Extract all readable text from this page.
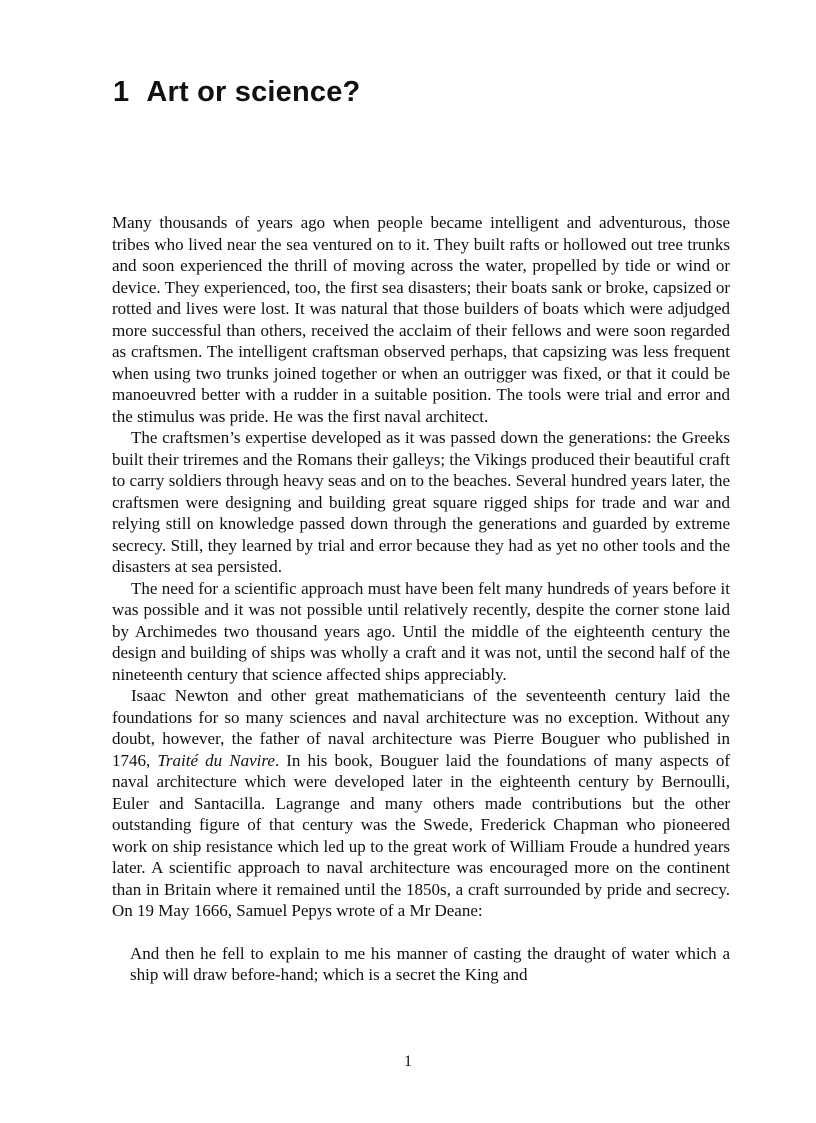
1 Art or science?

Many thousands of years ago when people became intelligent and adventurous, those tribes who lived near the sea ventured on to it. They built rafts or hollowed out tree trunks and soon experienced the thrill of moving across the water, propelled by tide or wind or device. They experienced, too, the first sea disasters; their boats sank or broke, capsized or rotted and lives were lost. It was natural that those builders of boats which were adjudged more successful than others, received the acclaim of their fellows and were soon regarded as craftsmen. The intelligent craftsman observed perhaps, that capsizing was less frequent when using two trunks joined together or when an outrigger was fixed, or that it could be manoeuvred better with a rudder in a suitable position. The tools were trial and error and the stimulus was pride. He was the first naval architect.

The craftsmen’s expertise developed as it was passed down the generations: the Greeks built their triremes and the Romans their galleys; the Vikings produced their beautiful craft to carry soldiers through heavy seas and on to the beaches. Several hundred years later, the craftsmen were designing and building great square rigged ships for trade and war and relying still on knowledge passed down through the generations and guarded by extreme secrecy. Still, they learned by trial and error because they had as yet no other tools and the disasters at sea persisted.

The need for a scientific approach must have been felt many hundreds of years before it was possible and it was not possible until relatively recently, despite the corner stone laid by Archimedes two thousand years ago. Until the middle of the eighteenth century the design and building of ships was wholly a craft and it was not, until the second half of the nineteenth century that science affected ships appreciably.

Isaac Newton and other great mathematicians of the seventeenth century laid the foundations for so many sciences and naval architecture was no exception. Without any doubt, however, the father of naval architecture was Pierre Bouguer who published in 1746, Traité du Navire. In his book, Bouguer laid the foundations of many aspects of naval architecture which were developed later in the eighteenth century by Bernoulli, Euler and Santacilla. Lagrange and many others made contributions but the other outstanding figure of that century was the Swede, Frederick Chapman who pioneered work on ship resistance which led up to the great work of William Froude a hundred years later. A scientific approach to naval architecture was encouraged more on the continent than in Britain where it remained until the 1850s, a craft surrounded by pride and secrecy. On 19 May 1666, Samuel Pepys wrote of a Mr Deane:

And then he fell to explain to me his manner of casting the draught of water which a ship will draw before-hand; which is a secret the King and

1
